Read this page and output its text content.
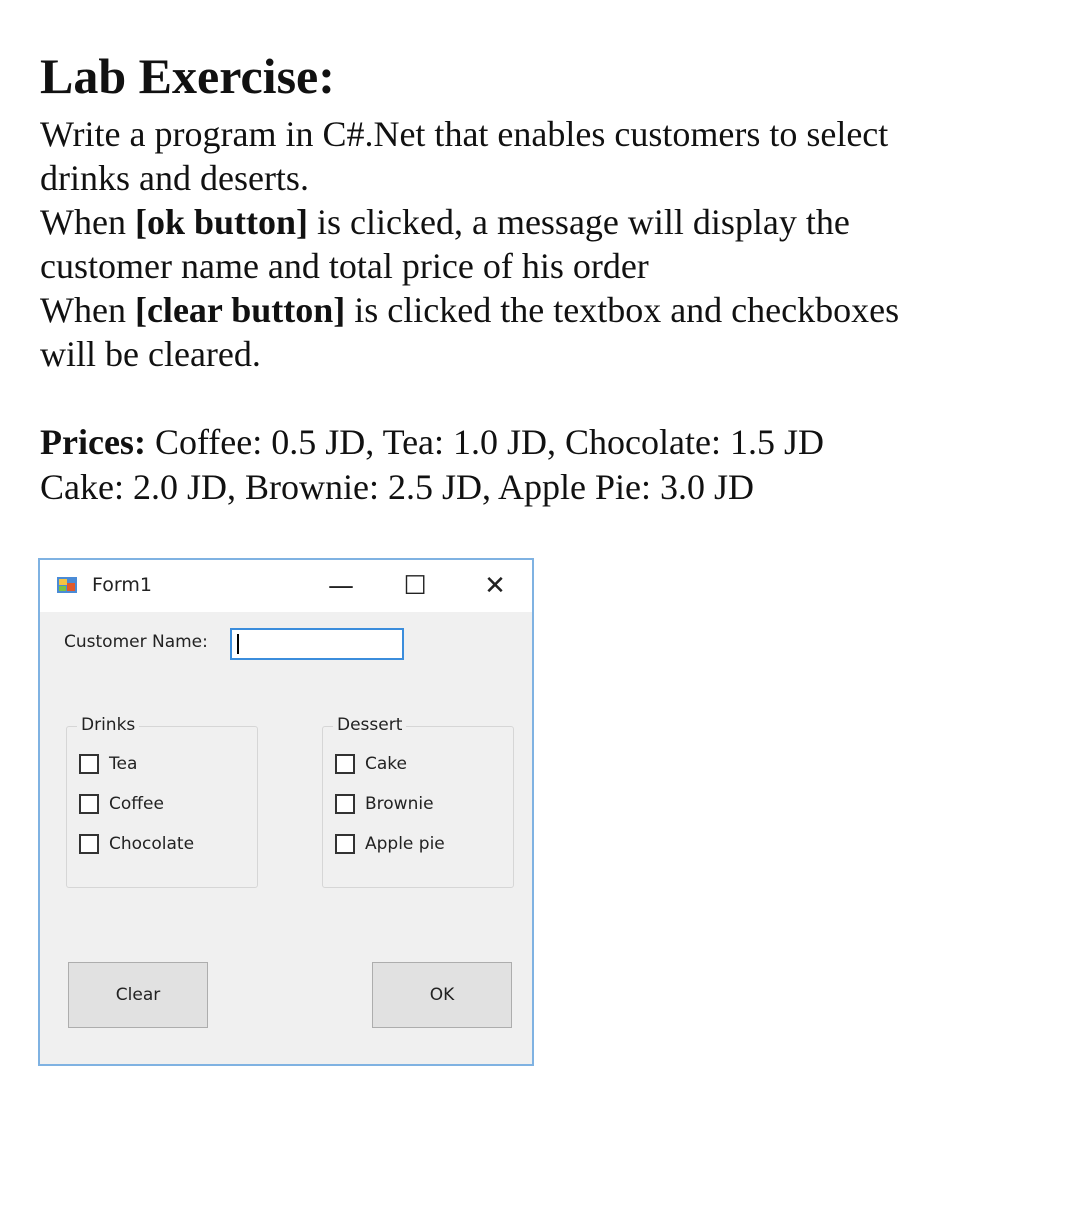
Lab Exercise:
Write a program in C#.Net that enables customers to select
drinks and deserts.
When [ok button] is clicked, a message will display the
customer name and total price of his order
When [clear button] is clicked the textbox and checkboxes
will be cleared.
Prices: Coffee: 0.5 JD, Tea: 1.0 JD, Chocolate: 1.5 JD
Cake: 2.0 JD, Brownie: 2.5 JD, Apple Pie: 3.0 JD
Form1	—	☐	✕
Customer Name:
Drinks
Tea
Coffee
Chocolate
Dessert
Cake
Brownie
Apple pie
Clear	OK
